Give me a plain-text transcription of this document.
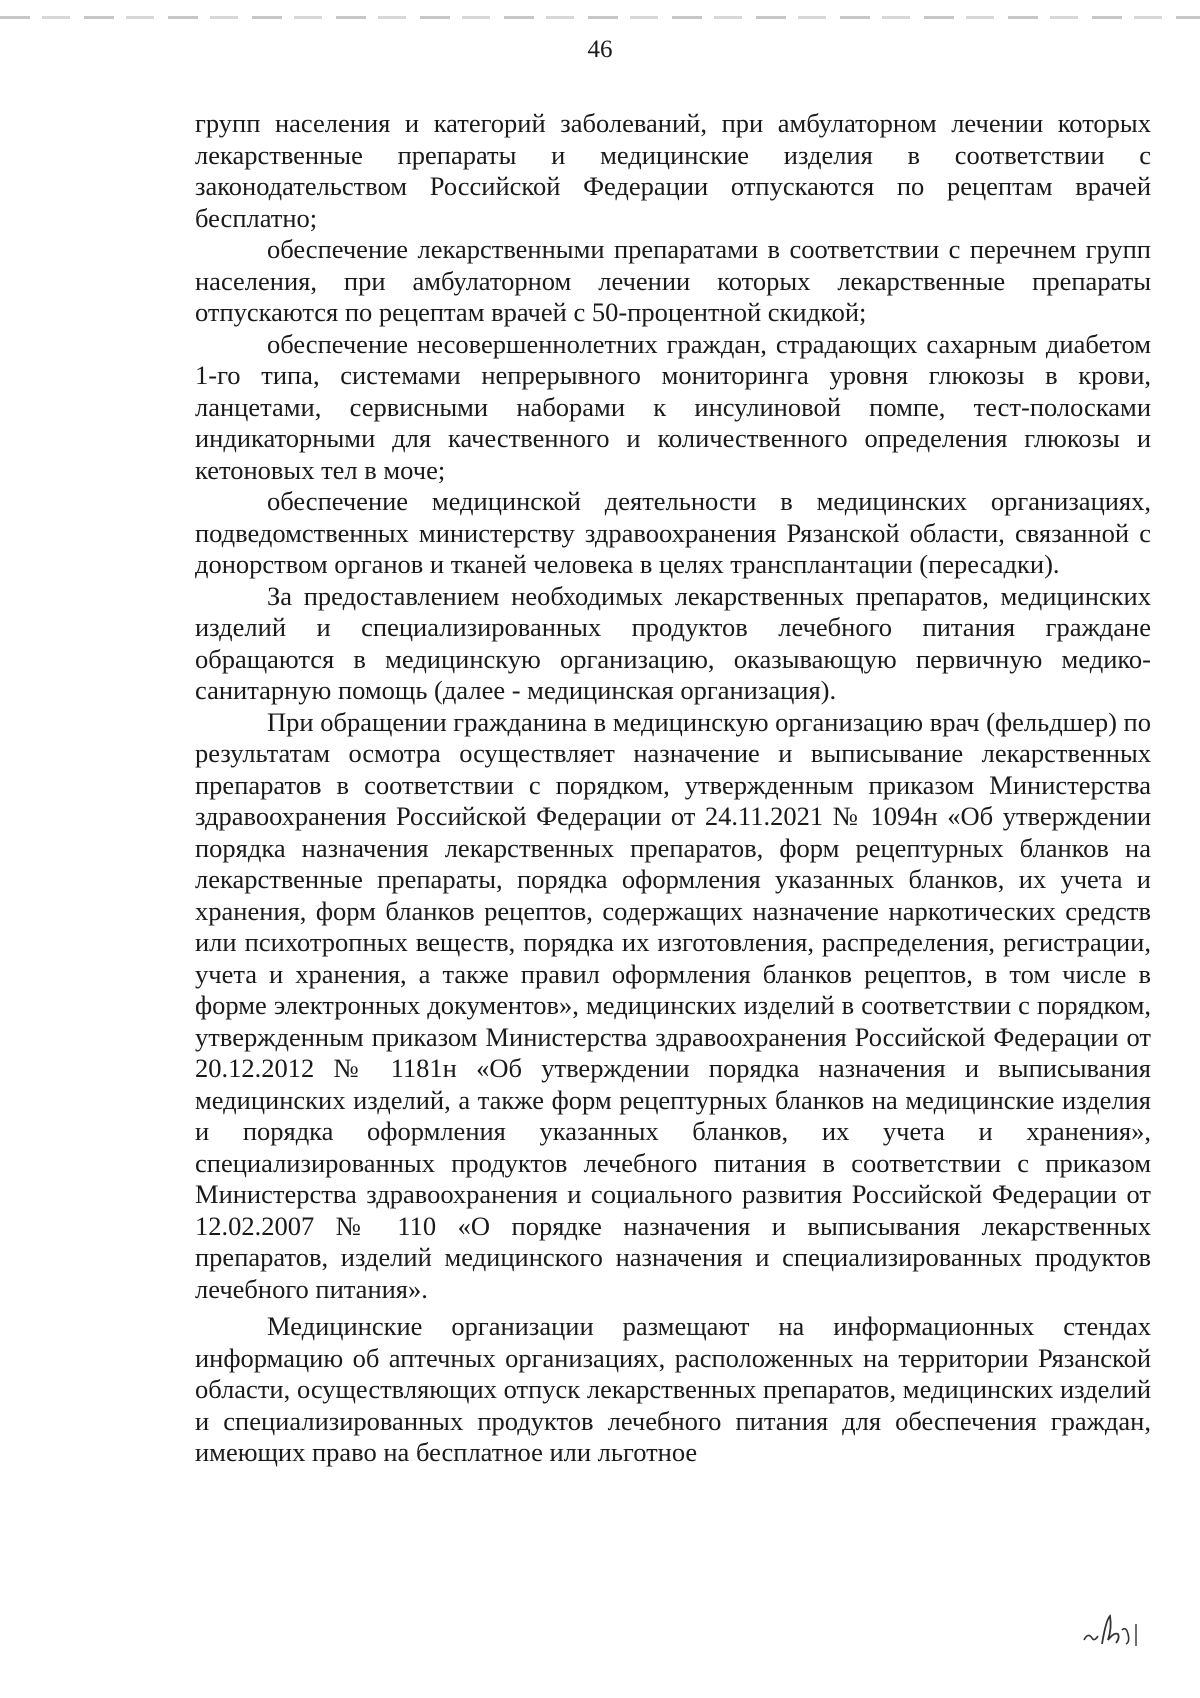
46

групп населения и категорий заболеваний, при амбулаторном лечении которых лекарственные препараты и медицинские изделия в соответствии с законодательством Российской Федерации отпускаются по рецептам врачей бесплатно;

обеспечение лекарственными препаратами в соответствии с перечнем групп населения, при амбулаторном лечении которых лекарственные препараты отпускаются по рецептам врачей с 50-процентной скидкой;

обеспечение несовершеннолетних граждан, страдающих сахарным диабетом 1-го типа, системами непрерывного мониторинга уровня глюкозы в крови, ланцетами, сервисными наборами к инсулиновой помпе, тест-полосками индикаторными для качественного и количественного определения глюкозы и кетоновых тел в моче;

обеспечение медицинской деятельности в медицинских организациях, подведомственных министерству здравоохранения Рязанской области, связанной с донорством органов и тканей человека в целях трансплантации (пересадки).

За предоставлением необходимых лекарственных препаратов, медицинских изделий и специализированных продуктов лечебного питания граждане обращаются в медицинскую организацию, оказывающую первичную медико-санитарную помощь (далее - медицинская организация).

При обращении гражданина в медицинскую организацию врач (фельдшер) по результатам осмотра осуществляет назначение и выписывание лекарственных препаратов в соответствии с порядком, утвержденным приказом Министерства здравоохранения Российской Федерации от 24.11.2021 № 1094н «Об утверждении порядка назначения лекарственных препаратов, форм рецептурных бланков на лекарственные препараты, порядка оформления указанных бланков, их учета и хранения, форм бланков рецептов, содержащих назначение наркотических средств или психотропных веществ, порядка их изготовления, распределения, регистрации, учета и хранения, а также правил оформления бланков рецептов, в том числе в форме электронных документов», медицинских изделий в соответствии с порядком, утвержденным приказом Министерства здравоохранения Российской Федерации от 20.12.2012 № 1181н «Об утверждении порядка назначения и выписывания медицинских изделий, а также форм рецептурных бланков на медицинские изделия и порядка оформления указанных бланков, их учета и хранения», специализированных продуктов лечебного питания в соответствии с приказом Министерства здравоохранения и социального развития Российской Федерации от 12.02.2007 № 110 «О порядке назначения и выписывания лекарственных препаратов, изделий медицинского назначения и специализированных продуктов лечебного питания».

Медицинские организации размещают на информационных стендах информацию об аптечных организациях, расположенных на территории Рязанской области, осуществляющих отпуск лекарственных препаратов, медицинских изделий и специализированных продуктов лечебного питания для обеспечения граждан, имеющих право на бесплатное или льготное
